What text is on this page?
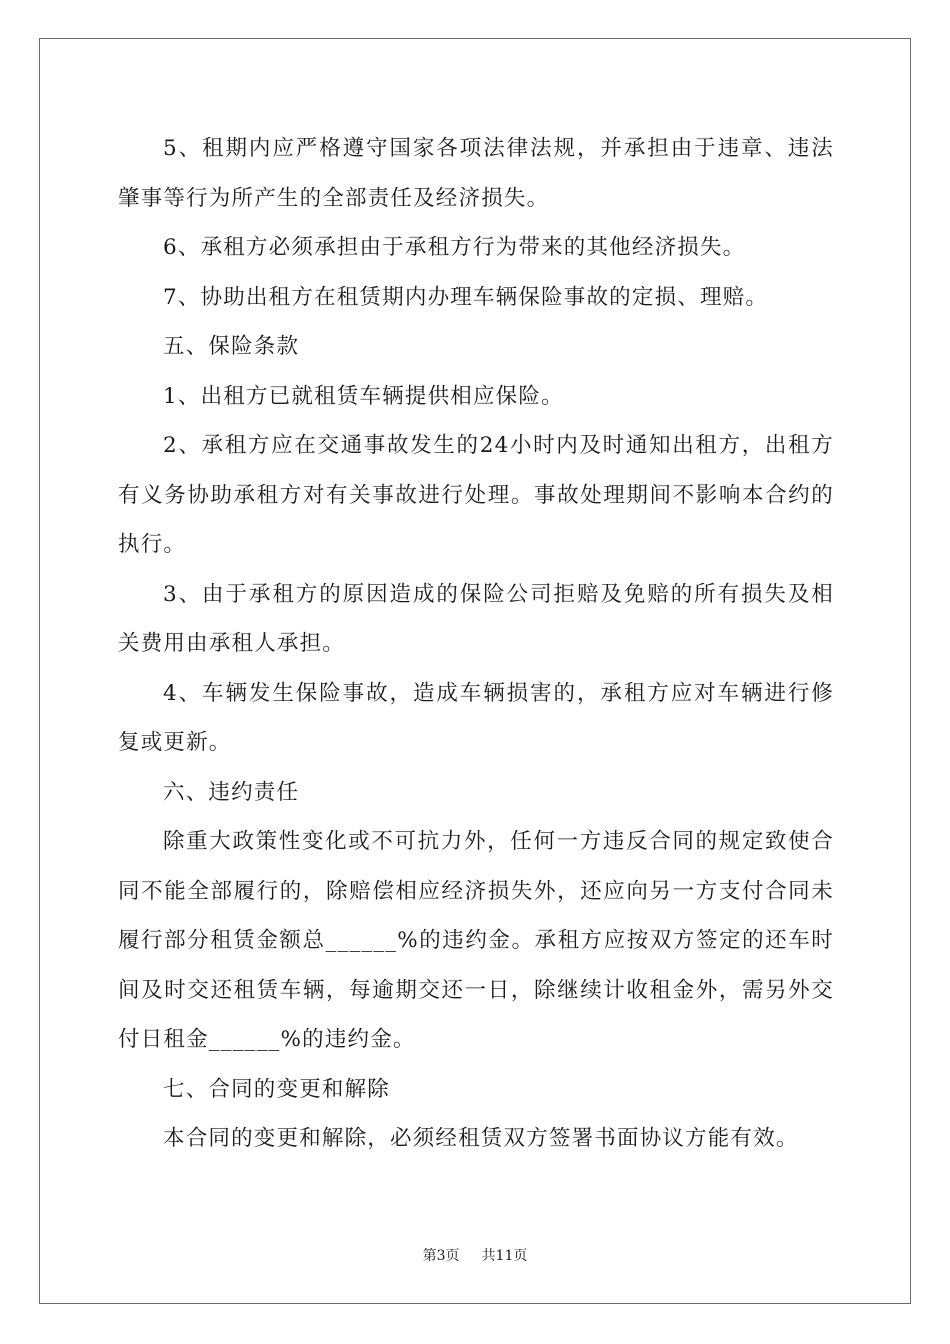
5、租期内应严格遵守国家各项法律法规，并承担由于违章、违法肇事等行为所产生的全部责任及经济损失。

6、承租方必须承担由于承租方行为带来的其他经济损失。

7、协助出租方在租赁期内办理车辆保险事故的定损、理赔。

五、保险条款

1、出租方已就租赁车辆提供相应保险。

2、承租方应在交通事故发生的24小时内及时通知出租方，出租方有义务协助承租方对有关事故进行处理。事故处理期间不影响本合约的执行。

3、由于承租方的原因造成的保险公司拒赔及免赔的所有损失及相关费用由承租人承担。

4、车辆发生保险事故，造成车辆损害的，承租方应对车辆进行修复或更新。

六、违约责任

除重大政策性变化或不可抗力外，任何一方违反合同的规定致使合同不能全部履行的，除赔偿相应经济损失外，还应向另一方支付合同未履行部分租赁金额总______%的违约金。承租方应按双方签定的还车时间及时交还租赁车辆，每逾期交还一日，除继续计收租金外，需另外交付日租金______%的违约金。

七、合同的变更和解除

本合同的变更和解除，必须经租赁双方签署书面协议方能有效。

第3页 共11页
